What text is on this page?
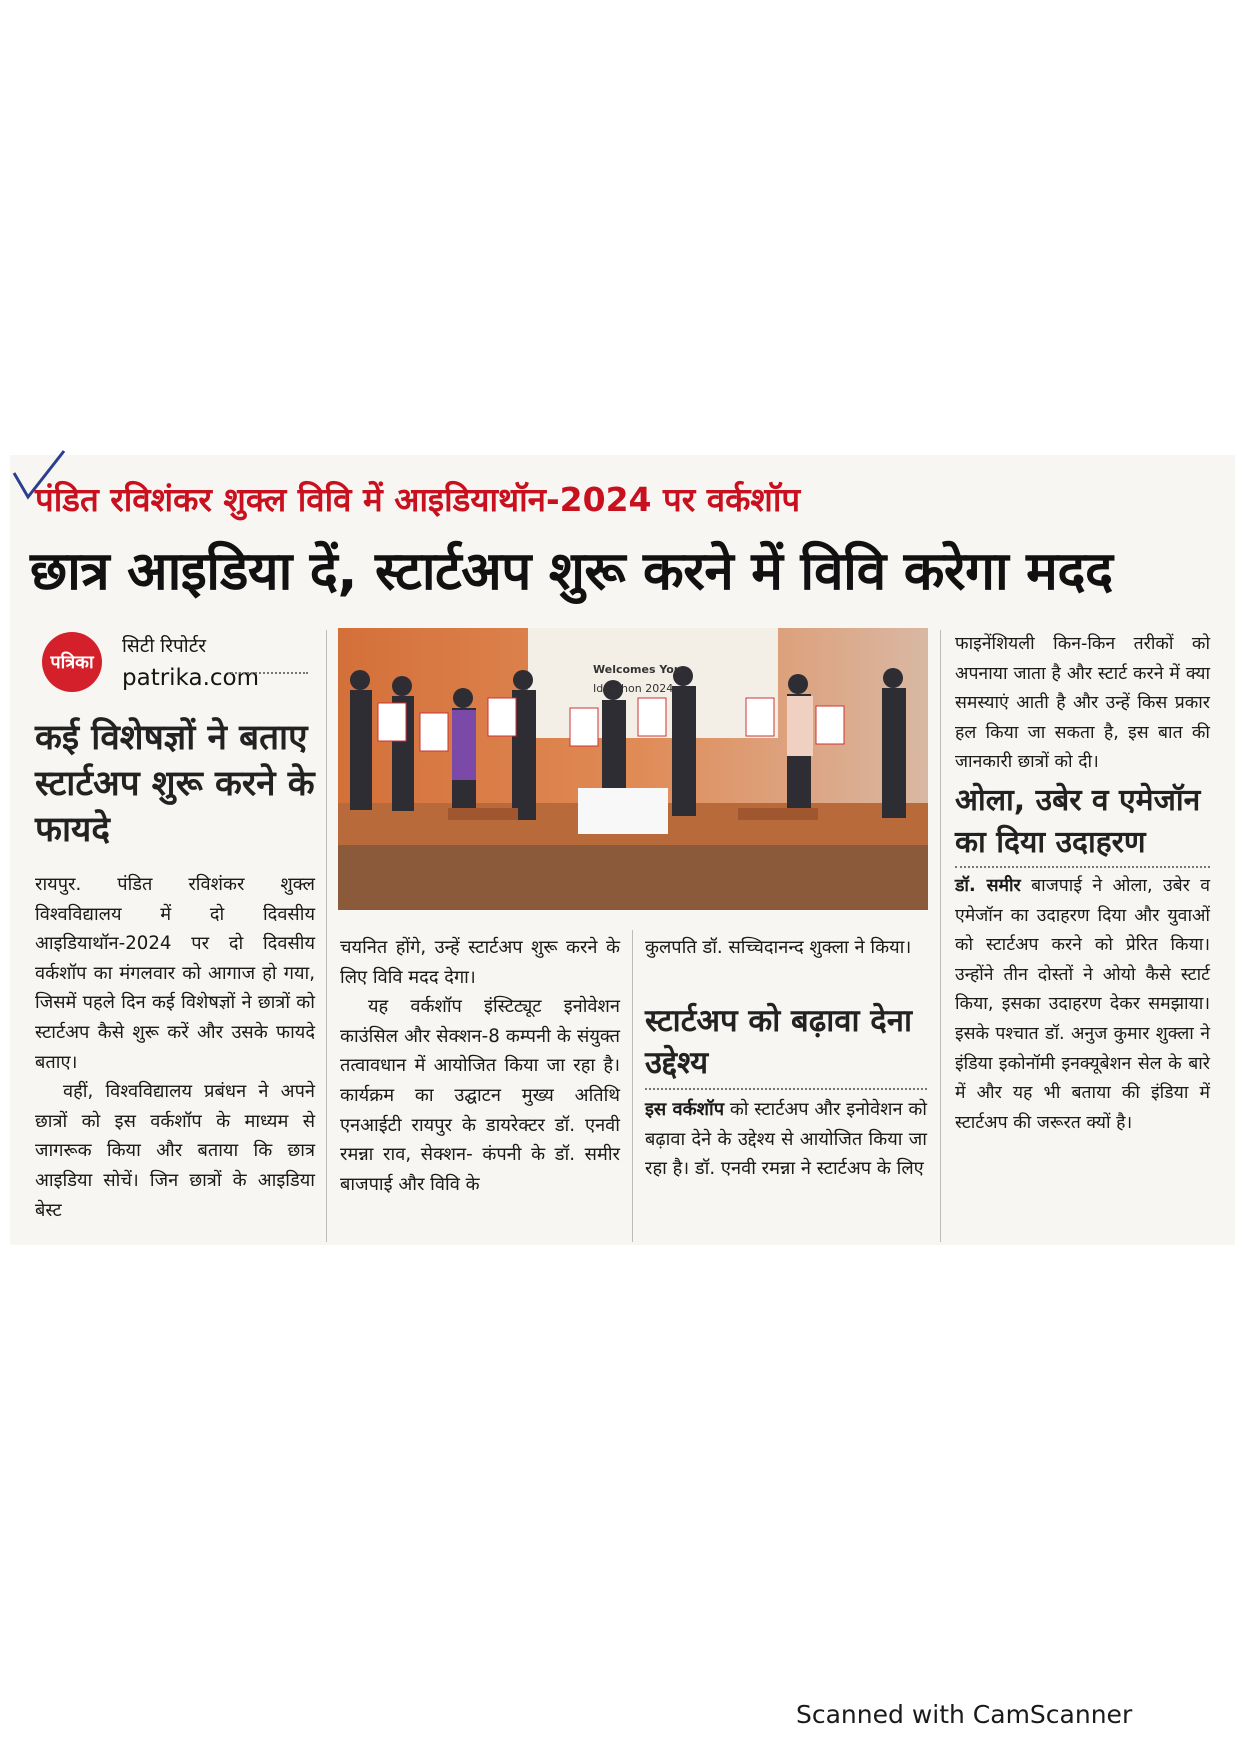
पंडित रविशंकर शुक्ल विवि में आइडियाथॉन-2024 पर वर्कशॉप
छात्र आइडिया दें, स्टार्टअप शुरू करने में विवि करेगा मदद
पत्रिका
सिटी रिपोर्टर
patrika.com
कई विशेषज्ञों ने बताए स्टार्टअप शुरू करने के फायदे

रायपुर. पंडित रविशंकर शुक्ल विश्वविद्यालय में दो दिवसीय आइडियाथॉन-2024 पर दो दिवसीय वर्कशॉप का मंगलवार को आगाज हो गया, जिसमें पहले दिन कई विशेषज्ञों ने छात्रों को स्टार्टअप कैसे शुरू करें और उसके फायदे बताए।

वहीं, विश्वविद्यालय प्रबंधन ने अपने छात्रों को इस वर्कशॉप के माध्यम से जागरूक किया और बताया कि छात्र आइडिया सोचें। जिन छात्रों के आइडिया बेस्ट

Welcomes You
Ideathon 2024

चयनित होंगे, उन्हें स्टार्टअप शुरू करने के लिए विवि मदद देगा।

यह वर्कशॉप इंस्टिट्यूट इनोवेशन काउंसिल और सेक्शन-8 कम्पनी के संयुक्त तत्वावधान में आयोजित किया जा रहा है। कार्यक्रम का उद्घाटन मुख्य अतिथि एनआईटी रायपुर के डायरेक्टर डॉ. एनवी रमन्ना राव, सेक्शन- कंपनी के डॉ. समीर बाजपाई और विवि के

कुलपति डॉ. सच्चिदानन्द शुक्ला ने किया।

स्टार्टअप को बढ़ावा देना उद्देश्य

इस वर्कशॉप को स्टार्टअप और इनोवेशन को बढ़ावा देने के उद्देश्य से आयोजित किया जा रहा है। डॉ. एनवी रमन्ना ने स्टार्टअप के लिए

फाइनेंशियली किन-किन तरीकों को अपनाया जाता है और स्टार्ट करने में क्या समस्याएं आती है और उन्हें किस प्रकार हल किया जा सकता है, इस बात की जानकारी छात्रों को दी।

ओला, उबेर व एमेजॉन का दिया उदाहरण

डॉ. समीर बाजपाई ने ओला, उबेर व एमेजॉन का उदाहरण दिया और युवाओं को स्टार्टअप करने को प्रेरित किया। उन्होंने तीन दोस्तों ने ओयो कैसे स्टार्ट किया, इसका उदाहरण देकर समझाया। इसके पश्चात डॉ. अनुज कुमार शुक्ला ने इंडिया इकोनॉमी इनक्यूबेशन सेल के बारे में और यह भी बताया की इंडिया में स्टार्टअप की जरूरत क्यों है।

Scanned with CamScanner
